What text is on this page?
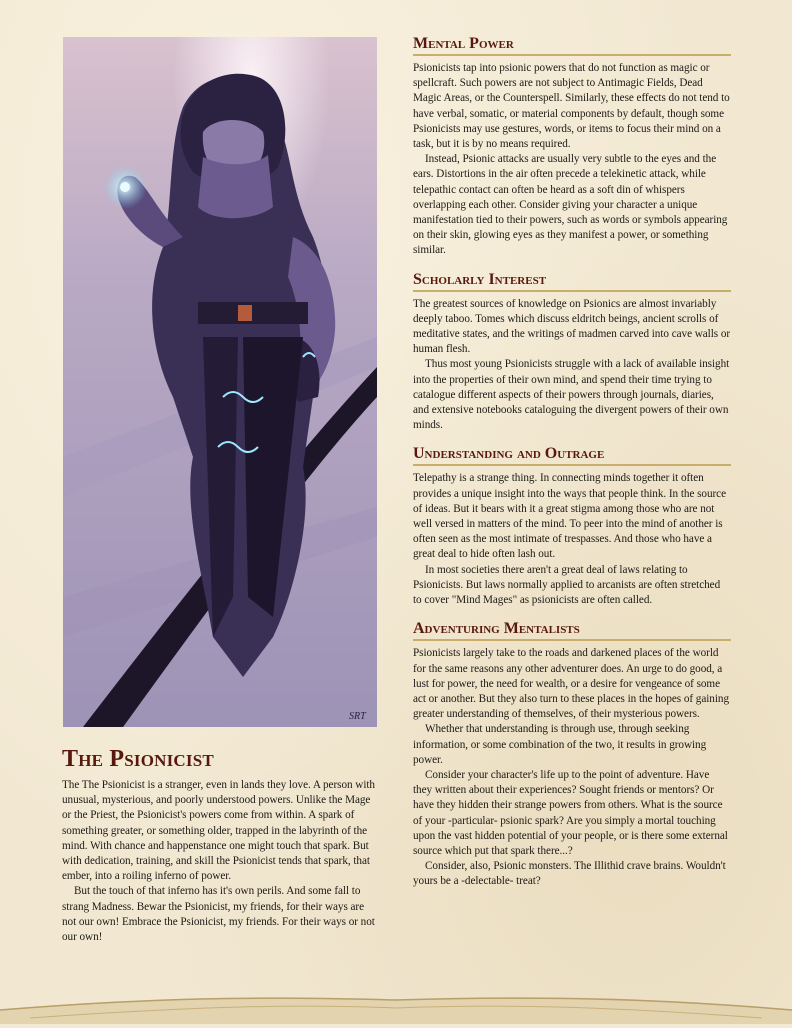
SRT
The Psionicist

The The Psionicist is a stranger, even in lands they love. A person with unusual, mysterious, and poorly understood powers. Unlike the Mage or the Priest, the Psionicist's powers come from within. A spark of something greater, or something older, trapped in the labyrinth of the mind. With chance and happenstance one might touch that spark. But with dedication, training, and skill the Psionicist tends that spark, that ember, into a roiling inferno of power.

But the touch of that inferno has it's own perils. And some fall to strang Madness. Bewar the Psionicist, my friends, for their ways are not our own! Embrace the Psionicist, my friends. For their ways or not our own!

Mental Power

Psionicists tap into psionic powers that do not function as magic or spellcraft. Such powers are not subject to Antimagic Fields, Dead Magic Areas, or the Counterspell. Similarly, these effects do not tend to have verbal, somatic, or material components by default, though some Psionicists may use gestures, words, or items to focus their mind on a task, but it is by no means required.

Instead, Psionic attacks are usually very subtle to the eyes and the ears. Distortions in the air often precede a telekinetic attack, while telepathic contact can often be heard as a soft din of whispers overlapping each other. Consider giving your character a unique manifestation tied to their powers, such as words or symbols appearing on their skin, glowing eyes as they manifest a power, or something similar.

Scholarly Interest

The greatest sources of knowledge on Psionics are almost invariably deeply taboo. Tomes which discuss eldritch beings, ancient scrolls of meditative states, and the writings of madmen carved into cave walls or human flesh.

Thus most young Psionicists struggle with a lack of available insight into the properties of their own mind, and spend their time trying to catalogue different aspects of their powers through journals, diaries, and extensive notebooks cataloguing the divergent powers of their own minds.

Understanding and Outrage

Telepathy is a strange thing. In connecting minds together it often provides a unique insight into the ways that people think. In the source of ideas. But it bears with it a great stigma among those who are not well versed in matters of the mind. To peer into the mind of another is often seen as the most intimate of trespasses. And those who have a great deal to hide often lash out.

In most societies there aren't a great deal of laws relating to Psionicists. But laws normally applied to arcanists are often stretched to cover "Mind Mages" as psionicists are often called.

Adventuring Mentalists

Psionicists largely take to the roads and darkened places of the world for the same reasons any other adventurer does. An urge to do good, a lust for power, the need for wealth, or a desire for vengeance of some act or another. But they also turn to these places in the hopes of gaining greater understanding of themselves, of their mysterious powers.

Whether that understanding is through use, through seeking information, or some combination of the two, it results in growing power.

Consider your character's life up to the point of adventure. Have they written about their experiences? Sought friends or mentors? Or have they hidden their strange powers from others. What is the source of your -particular- psionic spark? Are you simply a mortal touching upon the vast hidden potential of your people, or is there some external source which put that spark there...?

Consider, also, Psionic monsters. The Illithid crave brains. Wouldn't yours be a -delectable- treat?
